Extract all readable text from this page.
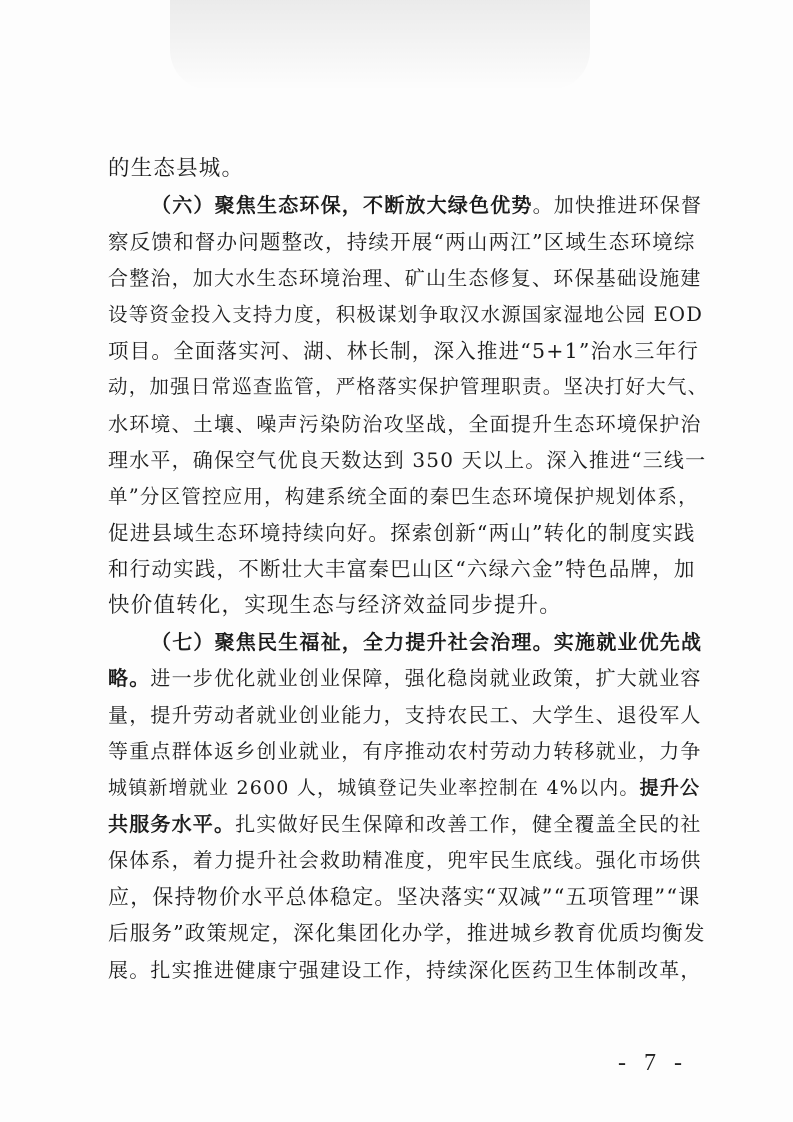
的生态县城。
（六）聚焦生态环保，不断放大绿色优势。加快推进环保督
察反馈和督办问题整改，持续开展“两山两江”区域生态环境综
合整治，加大水生态环境治理、矿山生态修复、环保基础设施建
设等资金投入支持力度，积极谋划争取汉水源国家湿地公园 EOD
项目。全面落实河、湖、林长制，深入推进“5+1”治水三年行
动，加强日常巡查监管，严格落实保护管理职责。坚决打好大气、
水环境、土壤、噪声污染防治攻坚战，全面提升生态环境保护治
理水平，确保空气优良天数达到 350 天以上。深入推进“三线一
单”分区管控应用，构建系统全面的秦巴生态环境保护规划体系，
促进县域生态环境持续向好。探索创新“两山”转化的制度实践
和行动实践，不断壮大丰富秦巴山区“六绿六金”特色品牌，加
快价值转化，实现生态与经济效益同步提升。
（七）聚焦民生福祉，全力提升社会治理。实施就业优先战
略。进一步优化就业创业保障，强化稳岗就业政策，扩大就业容
量，提升劳动者就业创业能力，支持农民工、大学生、退役军人
等重点群体返乡创业就业，有序推动农村劳动力转移就业，力争
城镇新增就业 2600 人，城镇登记失业率控制在 4%以内。提升公
共服务水平。扎实做好民生保障和改善工作，健全覆盖全民的社
保体系，着力提升社会救助精准度，兜牢民生底线。强化市场供
应，保持物价水平总体稳定。坚决落实“双减”“五项管理”“课
后服务”政策规定，深化集团化办学，推进城乡教育优质均衡发
展。扎实推进健康宁强建设工作，持续深化医药卫生体制改革，
- 7 -
